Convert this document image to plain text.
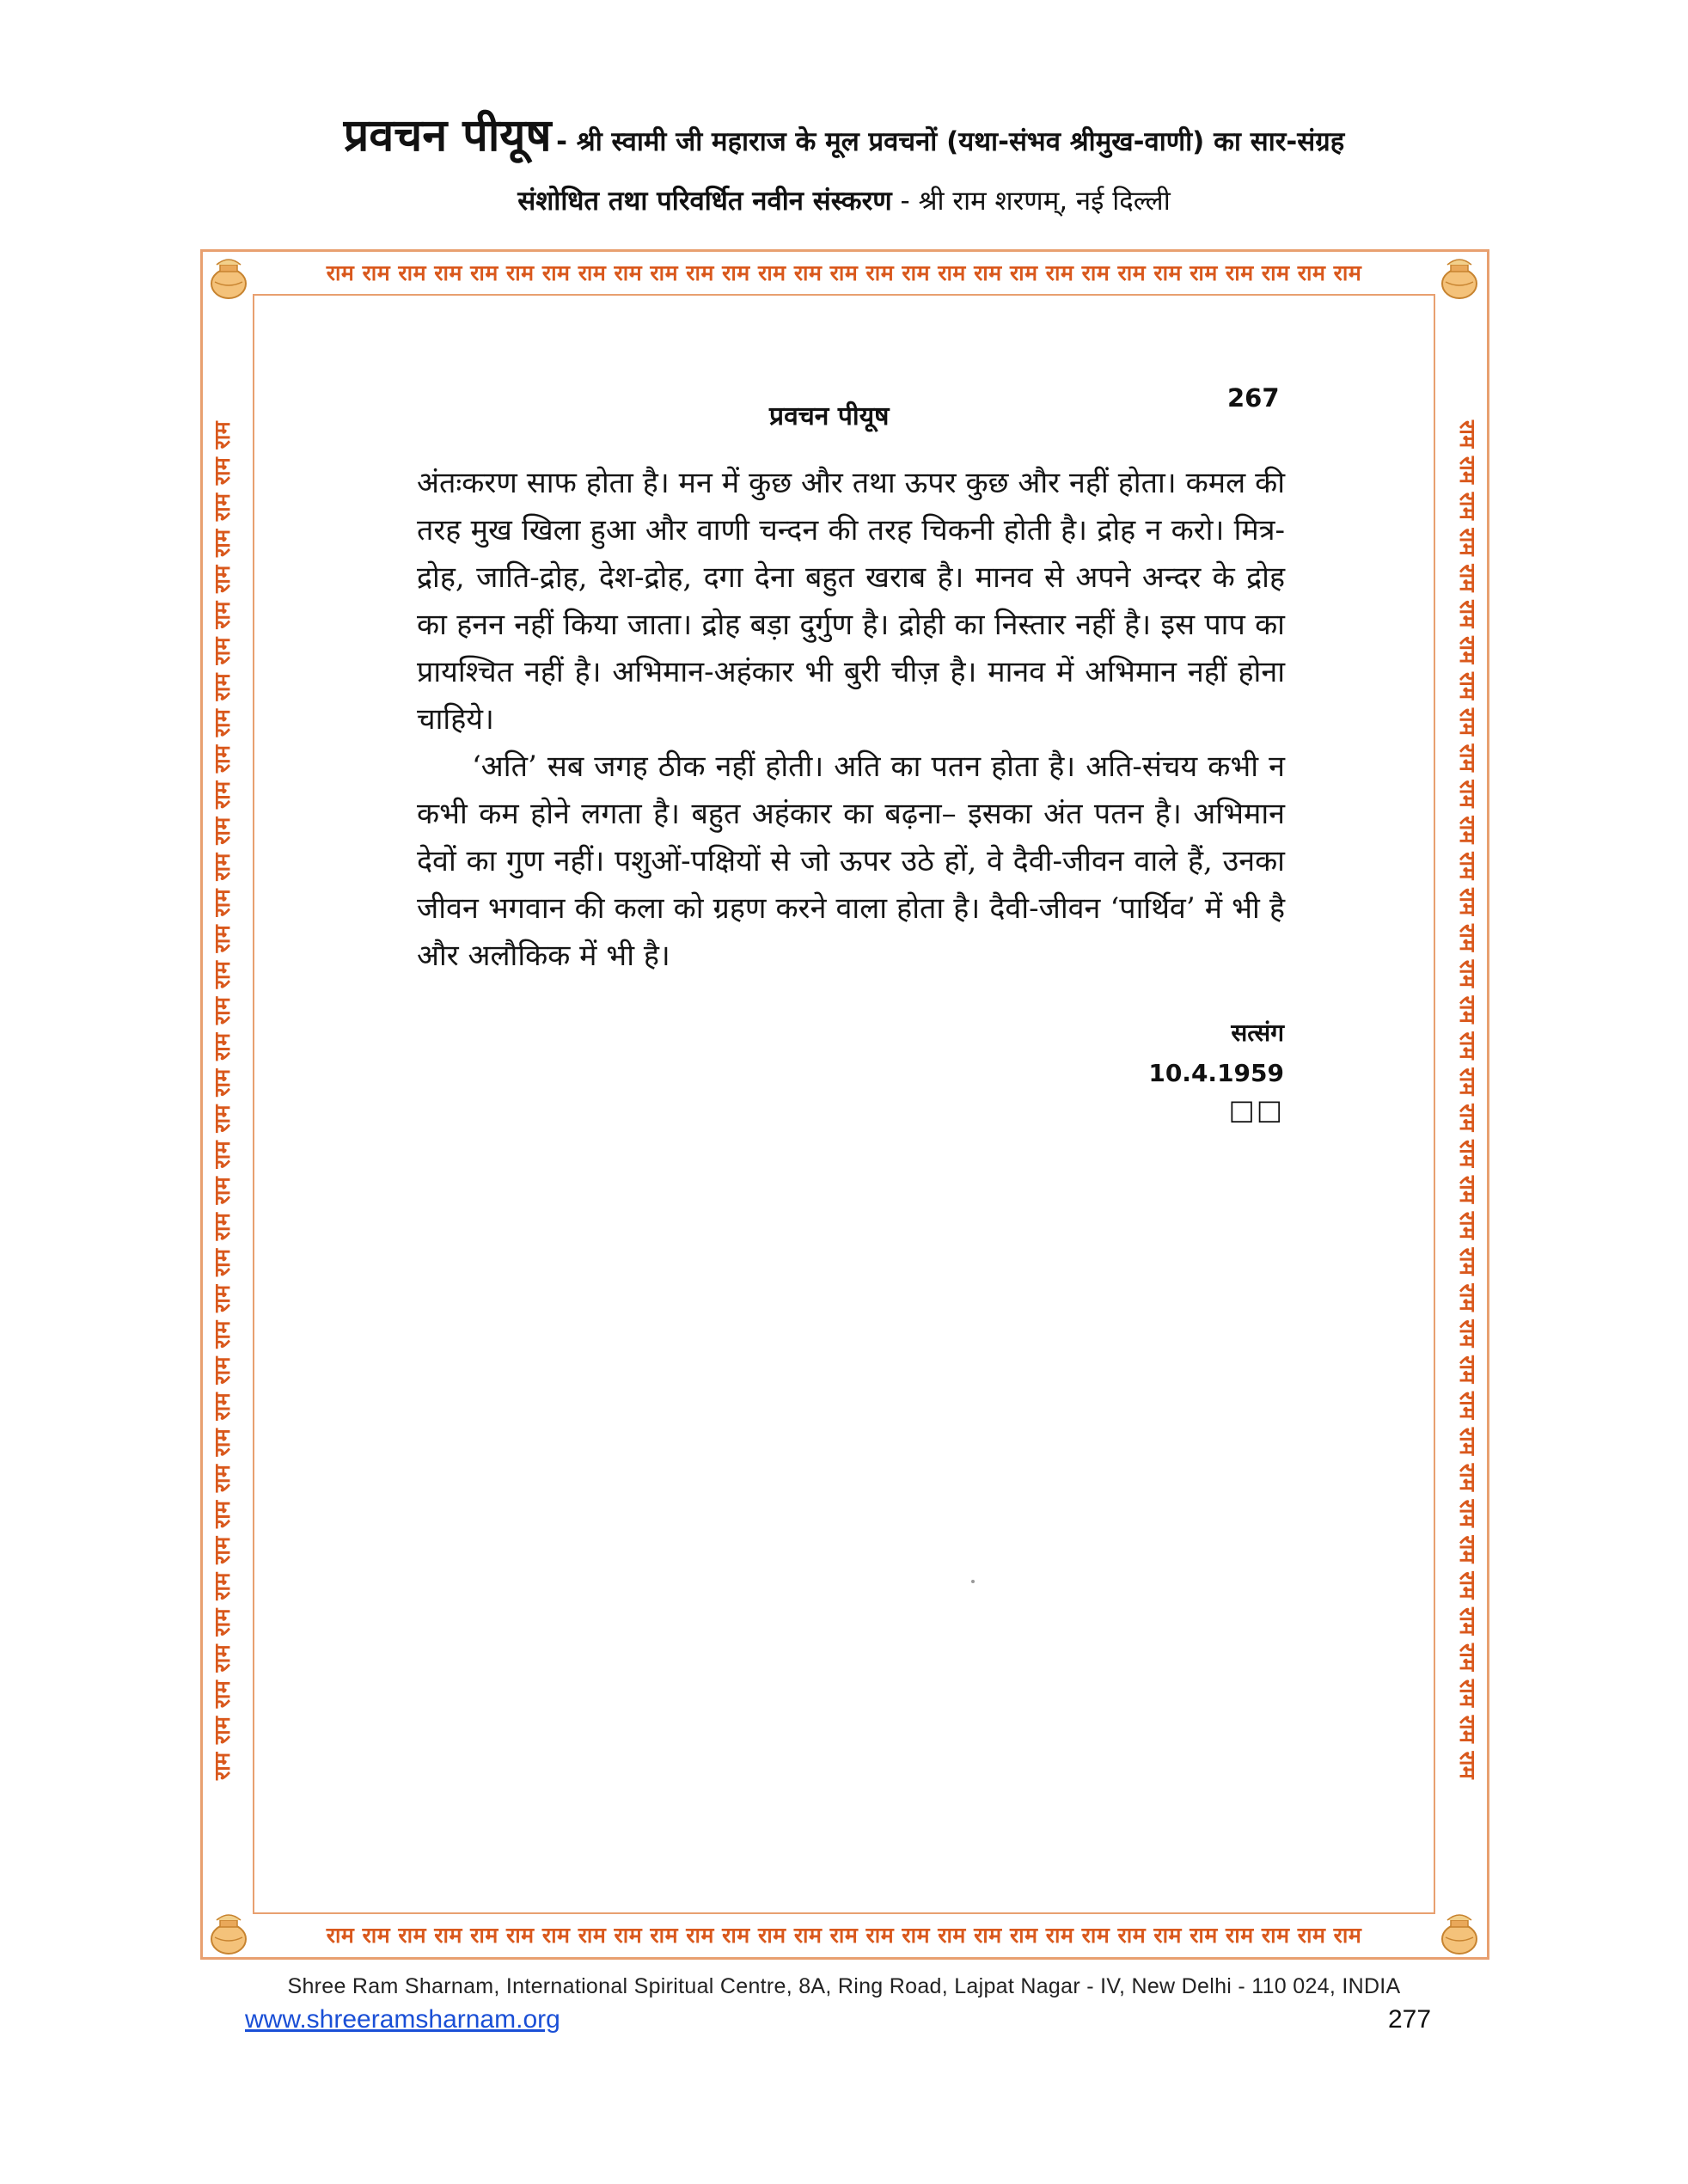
प्रवचन पीयूष - श्री स्वामी जी महाराज के मूल प्रवचनों (यथा-संभव श्रीमुख-वाणी) का सार-संग्रह
संशोधित तथा परिवर्धित नवीन संस्करण - श्री राम शरणम्, नई दिल्ली
राम राम राम राम राम राम राम राम राम राम राम राम राम राम राम राम राम राम राम राम राम राम राम राम राम राम राम राम राम
राम राम राम राम राम राम राम राम राम राम राम राम राम राम राम राम राम राम राम राम राम राम राम राम राम राम राम राम राम
राम राम राम राम राम राम राम राम राम राम राम राम राम राम राम राम राम राम राम राम राम राम राम राम राम राम राम राम राम राम राम राम राम राम राम राम राम राम	राम राम राम राम राम राम राम राम राम राम राम राम राम राम राम राम राम राम राम राम राम राम राम राम राम राम राम राम राम राम राम राम राम राम राम राम राम राम
प्रवचन पीयूष
267

अंतःकरण साफ होता है। मन में कुछ और तथा ऊपर कुछ और नहीं होता। कमल की तरह मुख खिला हुआ और वाणी चन्दन की तरह चिकनी होती है। द्रोह न करो। मित्र-द्रोह, जाति-द्रोह, देश-द्रोह, दगा देना बहुत खराब है। मानव से अपने अन्दर के द्रोह का हनन नहीं किया जाता। द्रोह बड़ा दुर्गुण है। द्रोही का निस्तार नहीं है। इस पाप का प्रायश्चित नहीं है। अभिमान-अहंकार भी बुरी चीज़ है। मानव में अभिमान नहीं होना चाहिये।

‘अति’ सब जगह ठीक नहीं होती। अति का पतन होता है। अति-संचय कभी न कभी कम होने लगता है। बहुत अहंकार का बढ़ना– इसका अंत पतन है। अभिमान देवों का गुण नहीं। पशुओं-पक्षियों से जो ऊपर उठे हों, वे दैवी-जीवन वाले हैं, उनका जीवन भगवान की कला को ग्रहण करने वाला होता है। दैवी-जीवन ‘पार्थिव’ में भी है और अलौकिक में भी है।

सत्संग
10.4.1959
□□
Shree Ram Sharnam, International Spiritual Centre, 8A, Ring Road, Lajpat Nagar - IV, New Delhi - 110 024, INDIA
www.shreeramsharnam.org	277
